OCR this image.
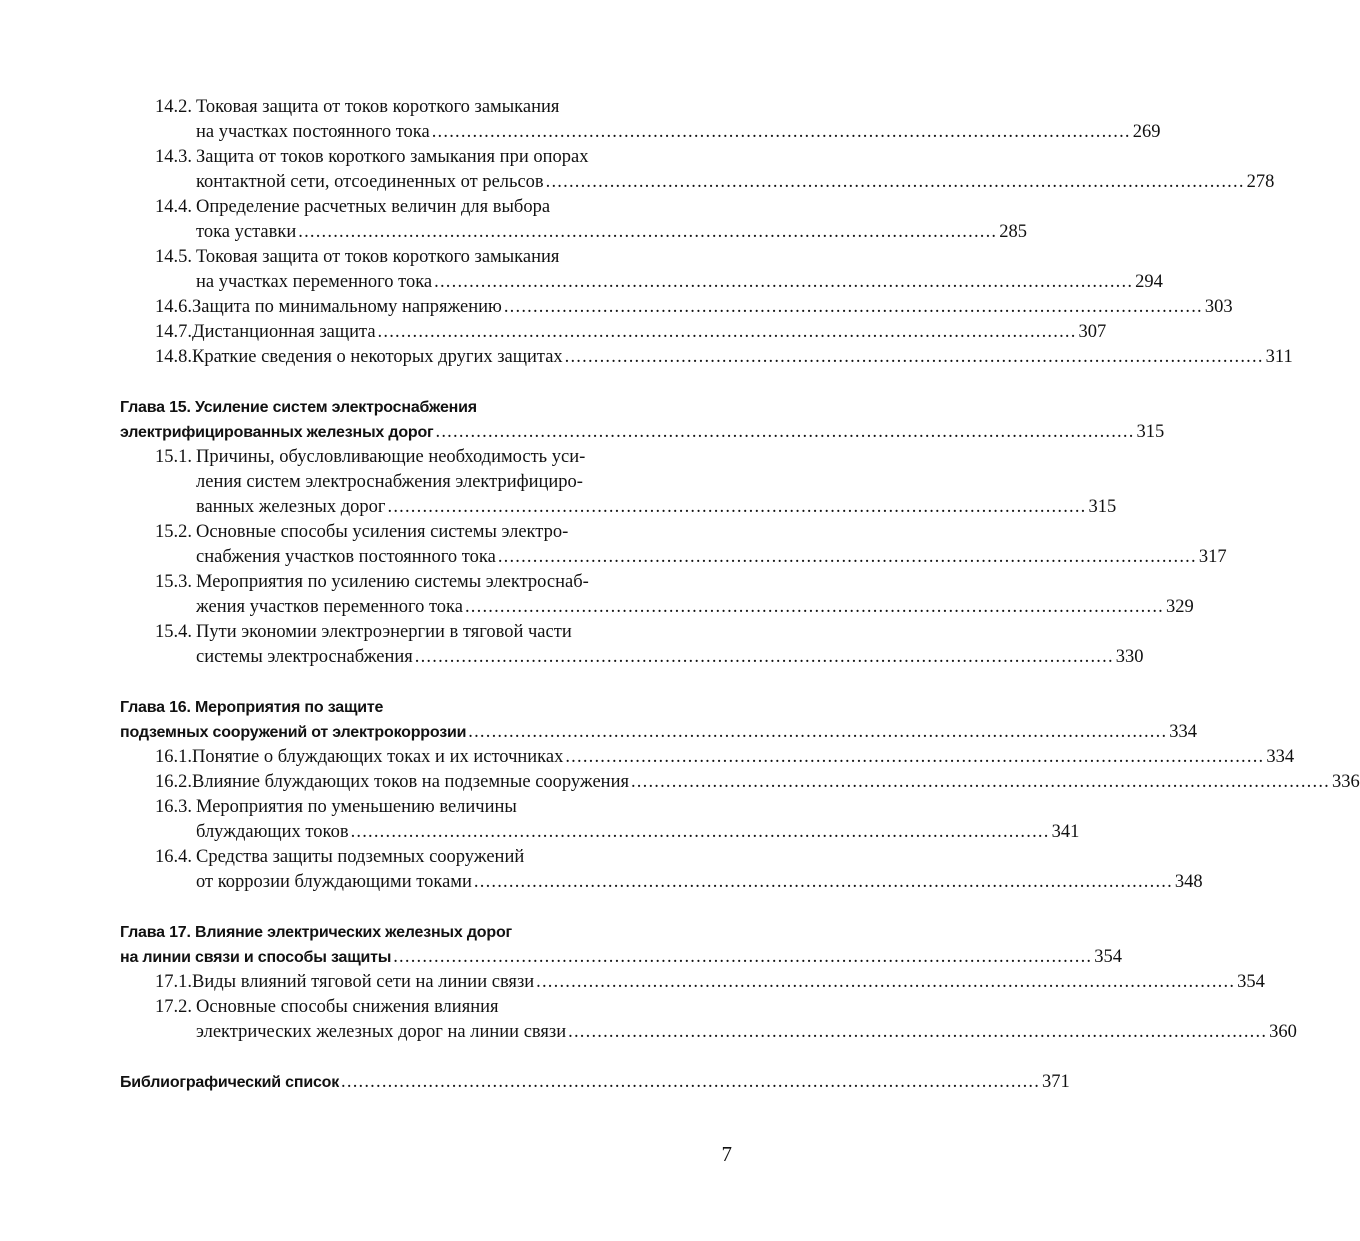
14.2. Токовая защита от токов короткого замыкания
на участках постоянного тока ........................................................................................................................ 269
14.3. Защита от токов короткого замыкания при опорах
контактной сети, отсоединенных от рельсов ........................................................................................................................ 278
14.4. Определение расчетных величин для выбора
тока уставки ........................................................................................................................ 285
14.5. Токовая защита от токов короткого замыкания
на участках переменного тока ........................................................................................................................ 294
14.6. Защита по минимальному напряжению ........................................................................................................................ 303
14.7. Дистанционная защита ........................................................................................................................ 307
14.8. Краткие сведения о некоторых других защитах ........................................................................................................................ 311
Глава 15. Усиление систем электроснабжения
электрифицированных железных дорог ........................................................................................................................ 315
15.1. Причины, обусловливающие необходимость уси-
ления систем электроснабжения электрифициро-
ванных железных дорог ........................................................................................................................ 315
15.2. Основные способы усиления системы электро-
снабжения участков постоянного тока ........................................................................................................................ 317
15.3. Мероприятия по усилению системы электроснаб-
жения участков переменного тока ........................................................................................................................ 329
15.4. Пути экономии электроэнергии в тяговой части
системы электроснабжения ........................................................................................................................ 330
Глава 16. Мероприятия по защите
подземных сооружений от электрокоррозии ........................................................................................................................ 334
16.1. Понятие о блуждающих токах и их источниках ........................................................................................................................ 334
16.2. Влияние блуждающих токов на подземные сооружения ........................................................................................................................ 336
16.3. Мероприятия по уменьшению величины
блуждающих токов ........................................................................................................................ 341
16.4. Средства защиты подземных сооружений
от коррозии блуждающими токами ........................................................................................................................ 348
Глава 17. Влияние электрических железных дорог
на линии связи и способы защиты ........................................................................................................................ 354
17.1. Виды влияний тяговой сети на линии связи ........................................................................................................................ 354
17.2. Основные способы снижения влияния
электрических железных дорог на линии связи ........................................................................................................................ 360
Библиографический список ........................................................................................................................ 371
7
